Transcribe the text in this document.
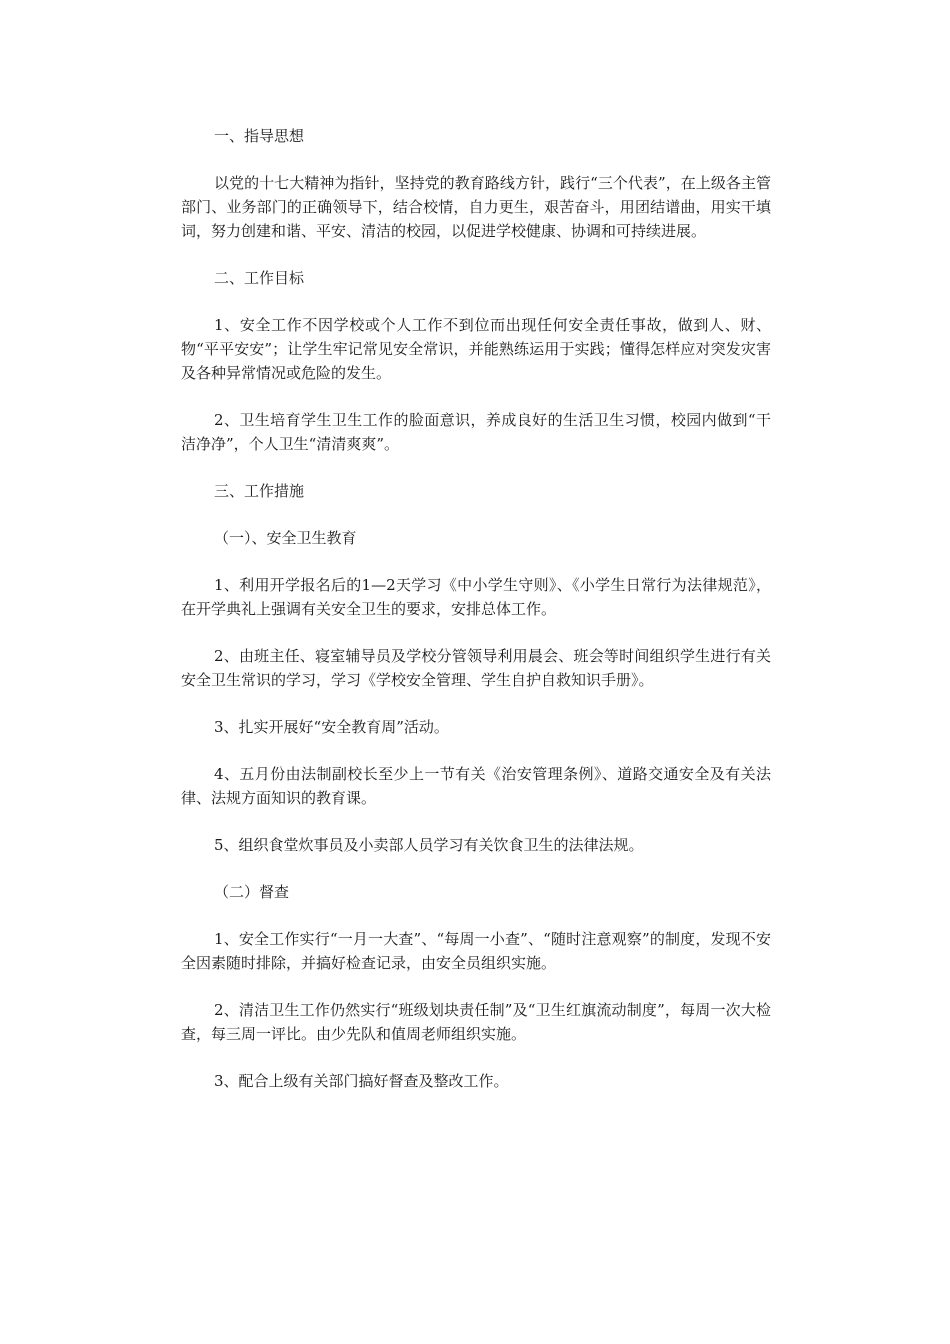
一、指导思想

以党的十七大精神为指针，坚持党的教育路线方针，践行“三个代表”，在上级各主管部门、业务部门的正确领导下，结合校情，自力更生，艰苦奋斗，用团结谱曲，用实干填词，努力创建和谐、平安、清洁的校园，以促进学校健康、协调和可持续进展。

二、工作目标

1、安全工作不因学校或个人工作不到位而出现任何安全责任事故，做到人、财、物“平平安安”；让学生牢记常见安全常识，并能熟练运用于实践；懂得怎样应对突发灾害及各种异常情况或危险的发生。

2、卫生培育学生卫生工作的脸面意识，养成良好的生活卫生习惯，校园内做到“干洁净净”，个人卫生“清清爽爽”。

三、工作措施

（一）、安全卫生教育

1、利用开学报名后的1—2天学习《中小学生守则》、《小学生日常行为法律规范》，在开学典礼上强调有关安全卫生的要求，安排总体工作。

2、由班主任、寝室辅导员及学校分管领导利用晨会、班会等时间组织学生进行有关安全卫生常识的学习，学习《学校安全管理、学生自护自救知识手册》。

3、扎实开展好“安全教育周”活动。

4、五月份由法制副校长至少上一节有关《治安管理条例》、道路交通安全及有关法律、法规方面知识的教育课。

5、组织食堂炊事员及小卖部人员学习有关饮食卫生的法律法规。

（二）督查

1、安全工作实行“一月一大查”、“每周一小查”、“随时注意观察”的制度，发现不安全因素随时排除，并搞好检查记录，由安全员组织实施。

2、清洁卫生工作仍然实行“班级划块责任制”及“卫生红旗流动制度”，每周一次大检查，每三周一评比。由少先队和值周老师组织实施。

3、配合上级有关部门搞好督查及整改工作。
